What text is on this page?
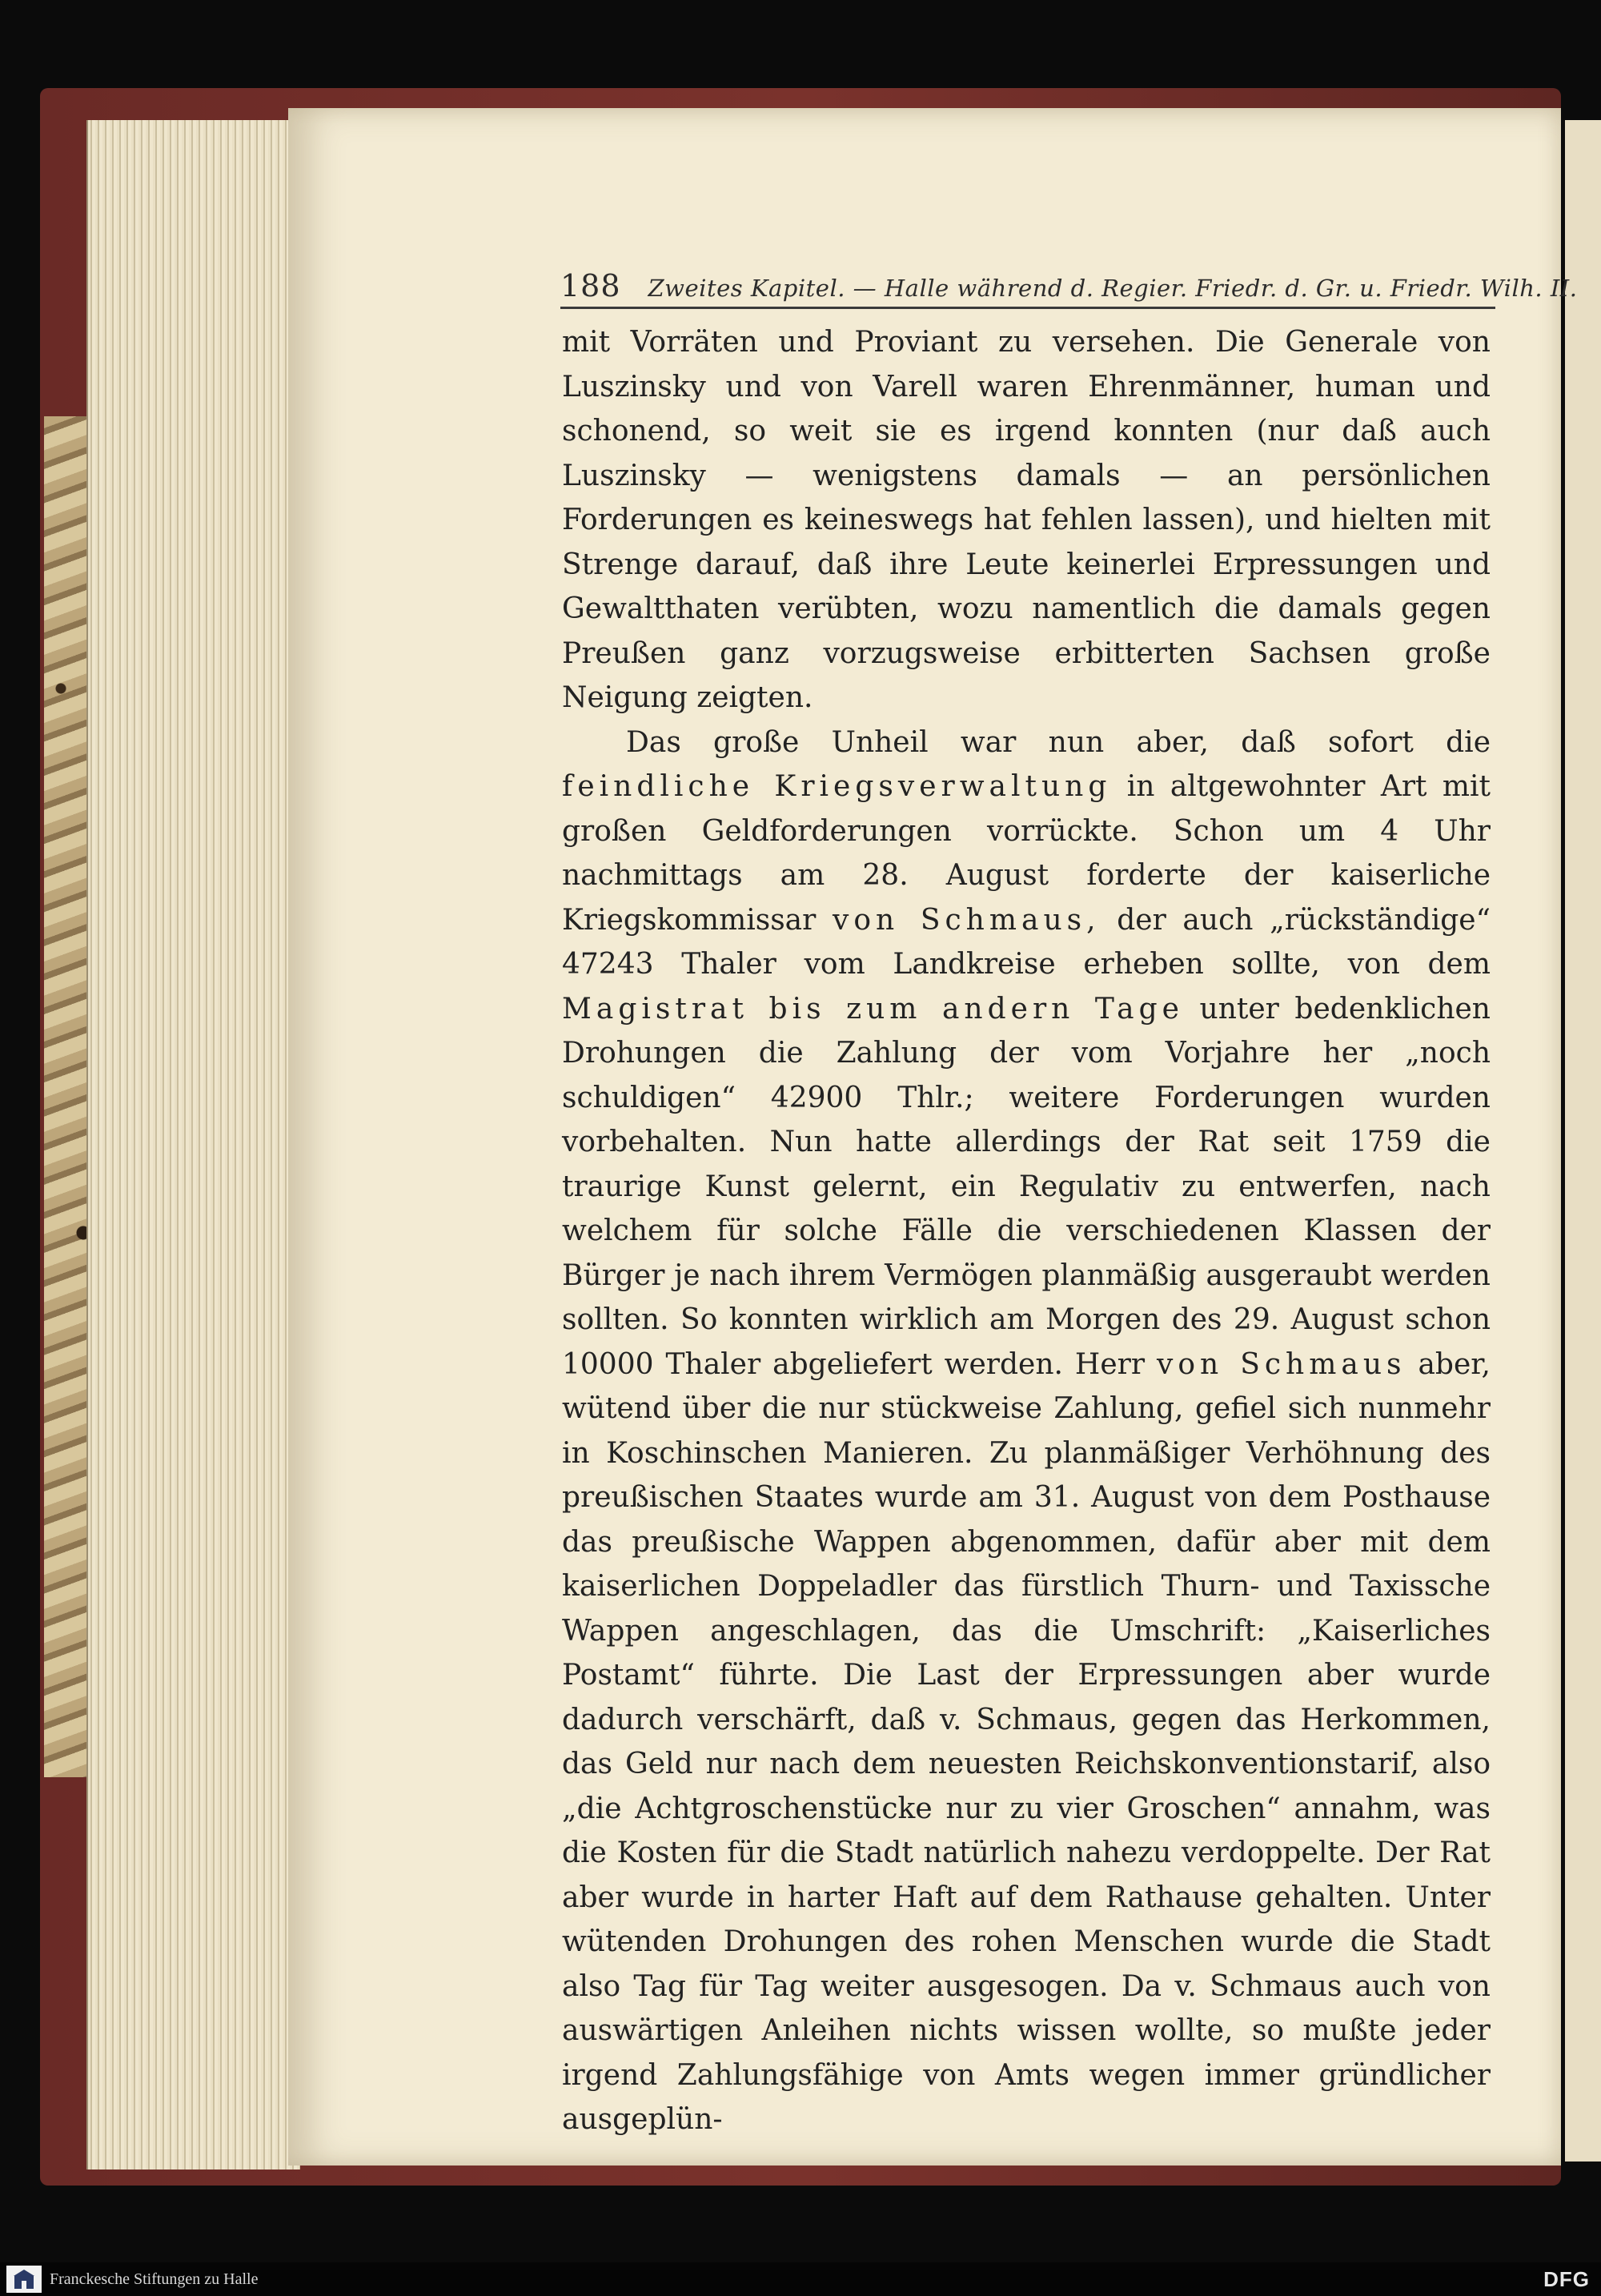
188 Zweites Kapitel. — Halle während d. Regier. Friedr. d. Gr. u. Friedr. Wilh. II.

mit Vorräten und Proviant zu versehen. Die Generale von Luszinsky und von Varell waren Ehrenmänner, human und schonend, so weit sie es irgend konnten (nur daß auch Luszinsky — wenigstens damals — an persönlichen Forderungen es keineswegs hat fehlen lassen), und hielten mit Strenge darauf, daß ihre Leute keinerlei Erpressungen und Gewaltthaten verübten, wozu namentlich die damals gegen Preußen ganz vorzugsweise erbitterten Sachsen große Neigung zeigten.

Das große Unheil war nun aber, daß sofort die feindliche Kriegsverwaltung in altgewohnter Art mit großen Geldforderungen vorrückte. Schon um 4 Uhr nachmittags am 28. August forderte der kaiserliche Kriegskommissar von Schmaus, der auch „rückständige“ 47243 Thaler vom Landkreise erheben sollte, von dem Magistrat bis zum andern Tage unter bedenklichen Drohungen die Zahlung der vom Vorjahre her „noch schuldigen“ 42900 Thlr.; weitere Forderungen wurden vorbehalten. Nun hatte allerdings der Rat seit 1759 die traurige Kunst gelernt, ein Regulativ zu entwerfen, nach welchem für solche Fälle die verschiedenen Klassen der Bürger je nach ihrem Vermögen planmäßig ausgeraubt werden sollten. So konnten wirklich am Morgen des 29. August schon 10000 Thaler abgeliefert werden. Herr von Schmaus aber, wütend über die nur stückweise Zahlung, gefiel sich nunmehr in Koschinschen Manieren. Zu planmäßiger Verhöhnung des preußischen Staates wurde am 31. August von dem Posthause das preußische Wappen abgenommen, dafür aber mit dem kaiserlichen Doppeladler das fürstlich Thurn- und Taxissche Wappen angeschlagen, das die Umschrift: „Kaiserliches Postamt“ führte. Die Last der Erpressungen aber wurde dadurch verschärft, daß v. Schmaus, gegen das Herkommen, das Geld nur nach dem neuesten Reichskonventionstarif, also „die Achtgroschenstücke nur zu vier Groschen“ annahm, was die Kosten für die Stadt natürlich nahezu verdoppelte. Der Rat aber wurde in harter Haft auf dem Rathause gehalten. Unter wütenden Drohungen des rohen Menschen wurde die Stadt also Tag für Tag weiter ausgesogen. Da v. Schmaus auch von auswärtigen Anleihen nichts wissen wollte, so mußte jeder irgend Zahlungsfähige von Amts wegen immer gründlicher ausgeplün-

Franckesche Stiftungen zu Halle	DFG
